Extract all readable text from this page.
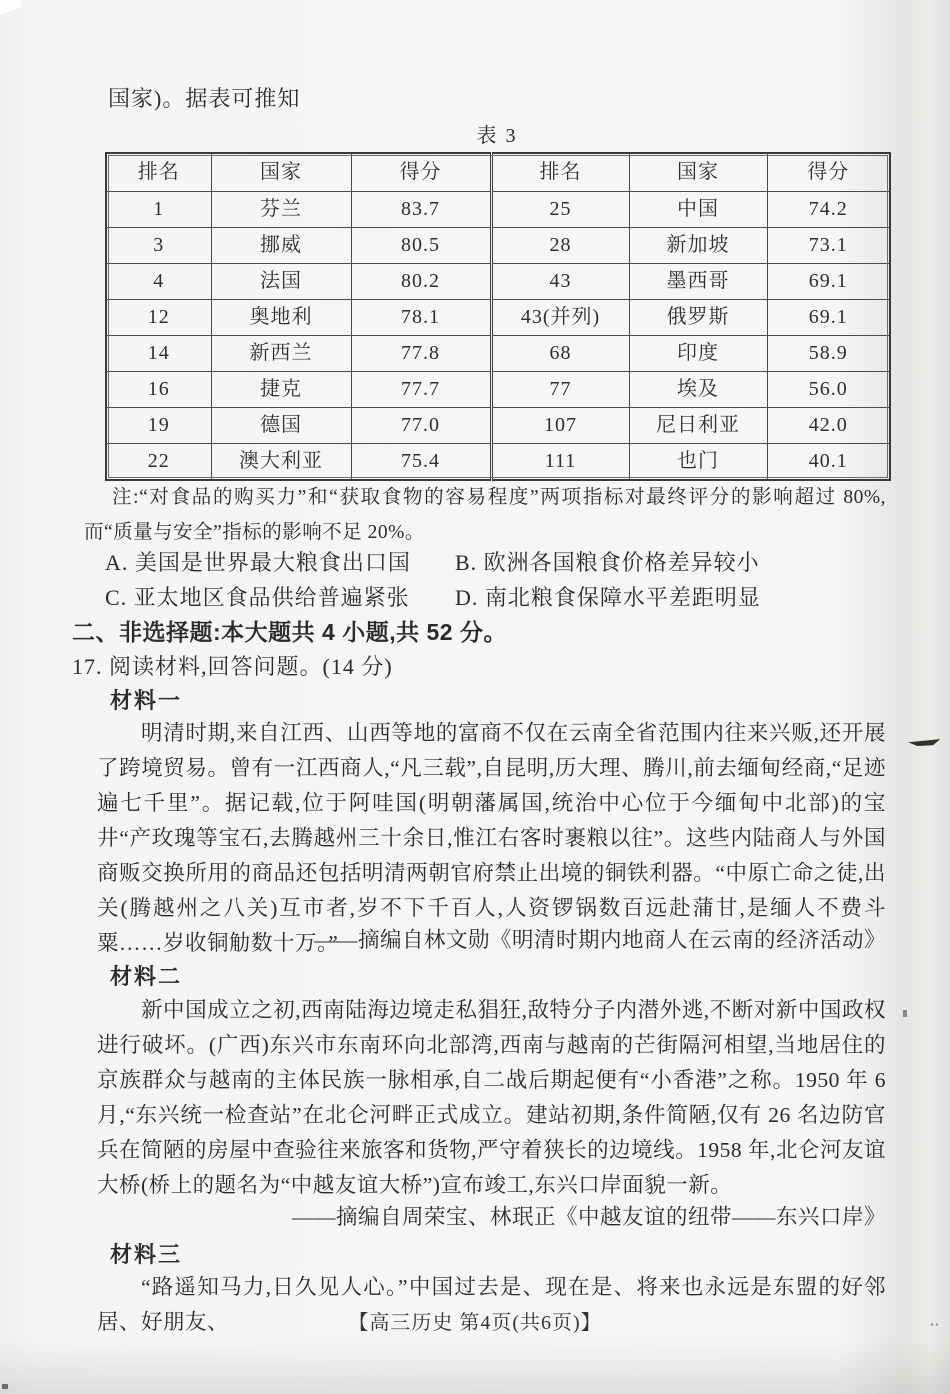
国家)。据表可推知
表 3
排名	国家	得分	排名	国家	得分
1	芬兰	83.7	25	中国	74.2
3	挪威	80.5	28	新加坡	73.1
4	法国	80.2	43	墨西哥	69.1
12	奥地利	78.1	43(并列)	俄罗斯	69.1
14	新西兰	77.8	68	印度	58.9
16	捷克	77.7	77	埃及	56.0
19	德国	77.0	107	尼日利亚	42.0
22	澳大利亚	75.4	111	也门	40.1
注:“对食品的购买力”和“获取食物的容易程度”两项指标对最终评分的影响超过 80%,而“质量与安全”指标的影响不足 20%。
A. 美国是世界最大粮食出口国 B. 欧洲各国粮食价格差异较小
C. 亚太地区食品供给普遍紧张 D. 南北粮食保障水平差距明显
二、非选择题:本大题共 4 小题,共 52 分。
17. 阅读材料,回答问题。(14 分)
材料一
明清时期,来自江西、山西等地的富商不仅在云南全省范围内往来兴贩,还开展了跨境贸易。曾有一江西商人,“凡三载”,自昆明,历大理、腾川,前去缅甸经商,“足迹遍七千里”。据记载,位于阿哇国(明朝藩属国,统治中心位于今缅甸中北部)的宝井“产玫瑰等宝石,去腾越州三十余日,惟江右客时裹粮以往”。这些内陆商人与外国商贩交换所用的商品还包括明清两朝官府禁止出境的铜铁利器。“中原亡命之徒,出关(腾越州之八关)互市者,岁不下千百人,人资锣锅数百远赴蒲甘,是缅人不费斗粟……岁收铜觔数十万。”
——摘编自林文勋《明清时期内地商人在云南的经济活动》
材料二
新中国成立之初,西南陆海边境走私猖狂,敌特分子内潜外逃,不断对新中国政权进行破坏。(广西)东兴市东南环向北部湾,西南与越南的芒街隔河相望,当地居住的京族群众与越南的主体民族一脉相承,自二战后期起便有“小香港”之称。1950 年 6 月,“东兴统一检查站”在北仑河畔正式成立。建站初期,条件简陋,仅有 26 名边防官兵在简陋的房屋中查验往来旅客和货物,严守着狭长的边境线。1958 年,北仑河友谊大桥(桥上的题名为“中越友谊大桥”)宣布竣工,东兴口岸面貌一新。
——摘编自周荣宝、林珉正《中越友谊的纽带——东兴口岸》
材料三
“路遥知马力,日久见人心。”中国过去是、现在是、将来也永远是东盟的好邻居、好朋友、	【高三历史 第4页(共6页)】
